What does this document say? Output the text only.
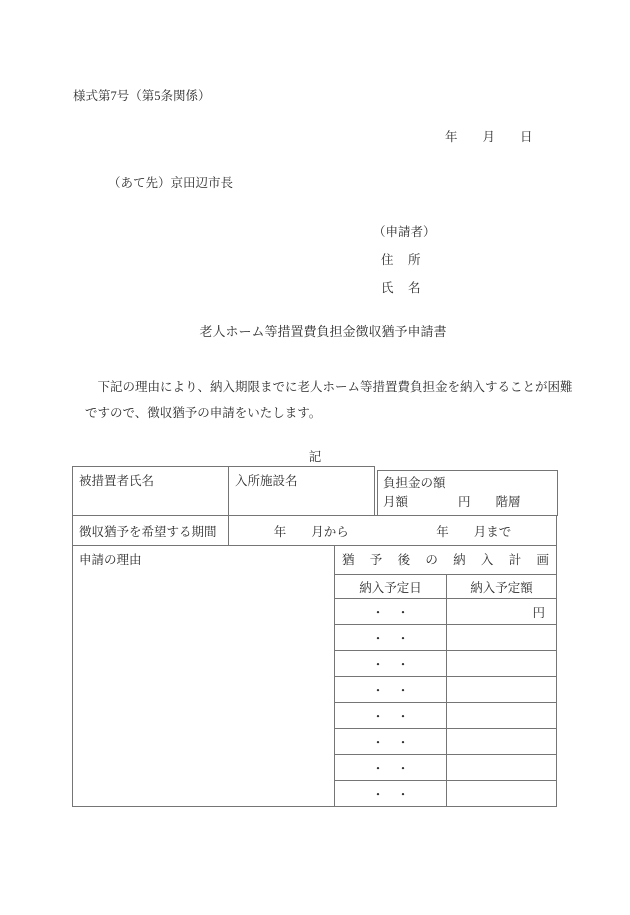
様式第7号（第5条関係）
年　　月　　日
（あて先）京田辺市長
（申請者）
住　所
氏　名
老人ホーム等措置費負担金徴収猶予申請書
　下記の理由により、納入期限までに老人ホーム等措置費負担金を納入することが困難
ですので、徴収猶予の申請をいたします。
記
被措置者氏名	入所施設名	負担金の額
月額　　　　円　　階層
徴収猶予を希望する期間	年　　月から　　　　　　　年　　月まで
申請の理由	猶　予　後　の　納　入　計　画
納入予定日	納入予定額
・　・	円
・　・
・　・
・　・
・　・
・　・
・　・
・　・
